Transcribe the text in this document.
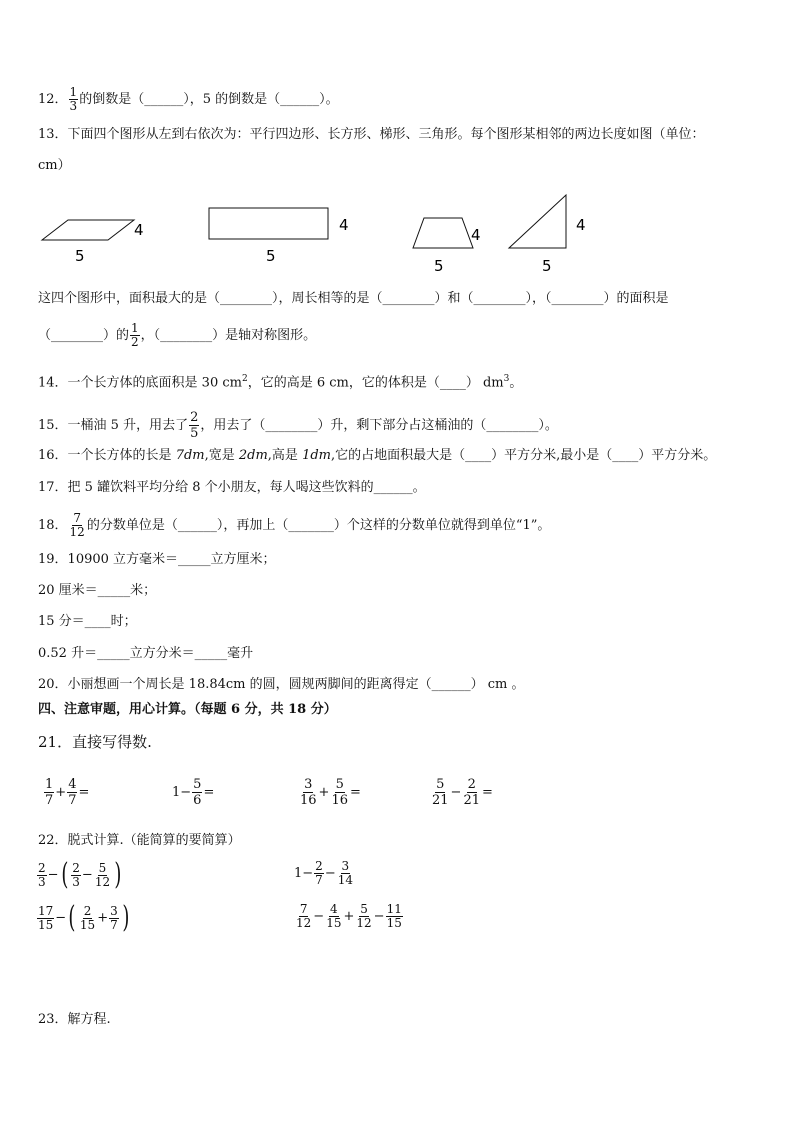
12． $\frac{1}{3}$ 的倒数是（______），5 的倒数是（______）。
13．下面四个图形从左到右依次为：平行四边形、长方形、梯形、三角形。每个图形某相邻的两边长度如图（单位：
cm）
4
5
4
5
4
5
4
5
这四个图形中，面积最大的是（________），周长相等的是（________）和（________），（________）的面积是
（________）的 $\frac{1}{2}$ ，（________）是轴对称图形。
14．一个长方体的底面积是 30 $cm^2$，它的高是 6 cm，它的体积是（____） $dm^3$。
15．一桶油 5 升，用去了 $\frac{2}{5}$ ，用去了（________）升，剩下部分占这桶油的（________）。
16．一个长方体的长是 7dm,宽是 2dm,高是 1dm,它的占地面积最大是（____）平方分米,最小是（____）平方分米。
17．把 5 罐饮料平均分给 8 个小朋友，每人喝这些饮料的______。
18． $\frac{7}{12}$ 的分数单位是（______），再加上（_______）个这样的分数单位就得到单位“1”。
19．10900 立方毫米＝_____立方厘米；
20 厘米＝_____米；
15 分＝____时；
0.52 升＝_____立方分米＝_____毫升
20．小丽想画一个周长是 18.84cm 的圆，圆规两脚间的距离得定（______） cm 。
四、注意审题，用心计算。（每题 6 分，共 18 分）
21．直接写得数.
$\frac{1}{7} + \frac{4}{7}$ =	$1- \frac{5}{6}$ =	$\frac{3}{16} + \frac{5}{16}$ =	$\frac{5}{21} - \frac{2}{21}$ =
22．脱式计算.（能简算的要简算）
$\frac{2}{3}$ −( $\frac{2}{3} - \frac{5}{12}$ )	$1- \frac{2}{7} - \frac{3}{14}$
$\frac{17}{15}$ −( $\frac{2}{15} + \frac{3}{7}$ )	$\frac{7}{12} - \frac{4}{15} + \frac{5}{12} - \frac{11}{15}$
23．解方程.
